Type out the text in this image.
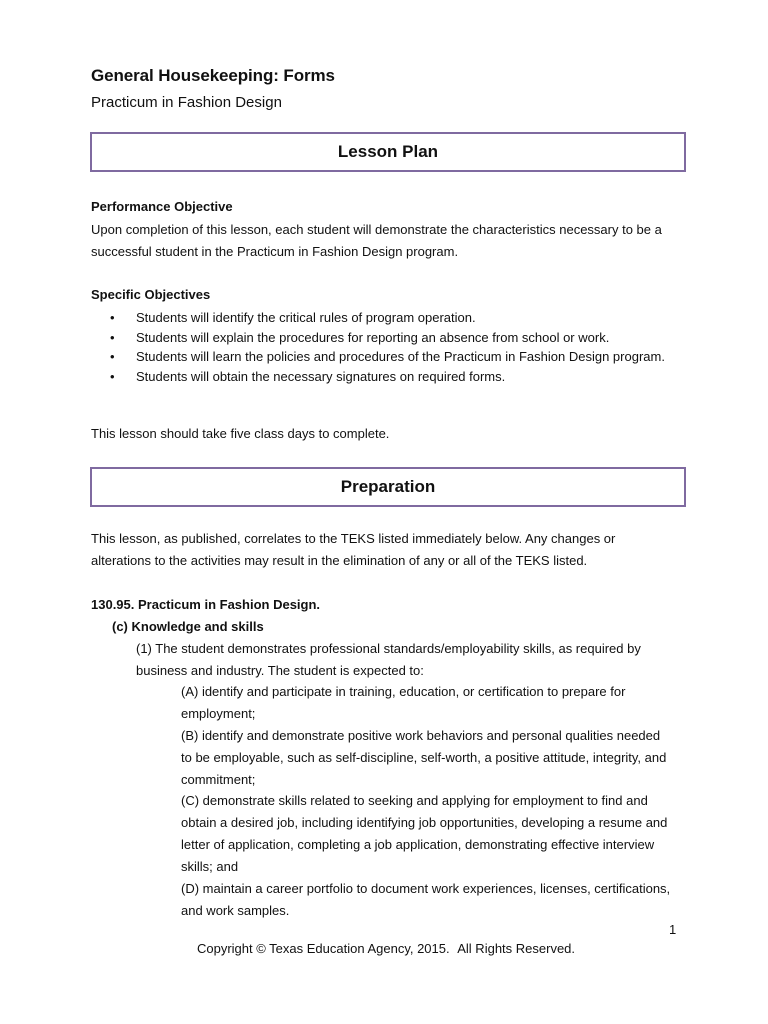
General Housekeeping: Forms
Practicum in Fashion Design
Lesson Plan
Performance Objective
Upon completion of this lesson, each student will demonstrate the characteristics necessary to be a successful student in the Practicum in Fashion Design program.
Specific Objectives
• Students will identify the critical rules of program operation.
• Students will explain the procedures for reporting an absence from school or work.
• Students will learn the policies and procedures of the Practicum in Fashion Design program.
• Students will obtain the necessary signatures on required forms.
This lesson should take five class days to complete.
Preparation
This lesson, as published, correlates to the TEKS listed immediately below. Any changes or alterations to the activities may result in the elimination of any or all of the TEKS listed.
130.95. Practicum in Fashion Design.
(c) Knowledge and skills
(1) The student demonstrates professional standards/employability skills, as required by business and industry. The student is expected to:
(A) identify and participate in training, education, or certification to prepare for employment;
(B) identify and demonstrate positive work behaviors and personal qualities needed to be employable, such as self-discipline, self-worth, a positive attitude, integrity, and commitment;
(C) demonstrate skills related to seeking and applying for employment to find and obtain a desired job, including identifying job opportunities, developing a resume and letter of application, completing a job application, demonstrating effective interview skills; and
(D) maintain a career portfolio to document work experiences, licenses, certifications, and work samples.
1
Copyright © Texas Education Agency, 2015. All Rights Reserved.
